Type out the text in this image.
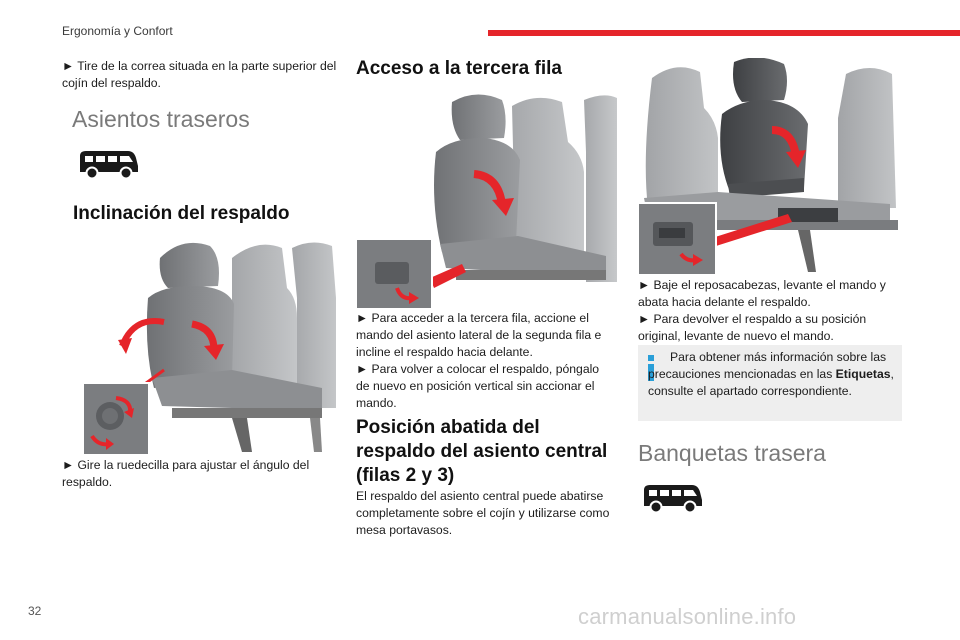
Ergonomía y Confort

► Tire de la correa situada en la parte superior del cojín del respaldo.

Asientos traseros
Inclinación del respaldo

► Gire la ruedecilla para ajustar el ángulo del respaldo.

Acceso a la tercera fila

► Para acceder a la tercera fila, accione el mando del asiento lateral de la segunda fila e incline el respaldo hacia delante.

► Para volver a colocar el respaldo, póngalo de nuevo en posición vertical sin accionar el mando.

Posición abatida del respaldo del asiento central (filas 2 y 3)

El respaldo del asiento central puede abatirse completamente sobre el cojín y utilizarse como mesa portavasos.

► Baje el reposacabezas, levante el mando y abata hacia delante el respaldo.

► Para devolver el respaldo a su posición original, levante de nuevo el mando.

Para obtener más información sobre las precauciones mencionadas en las Etiquetas, consulte el apartado correspondiente.
Banquetas trasera
32	carmanualsonline.info
